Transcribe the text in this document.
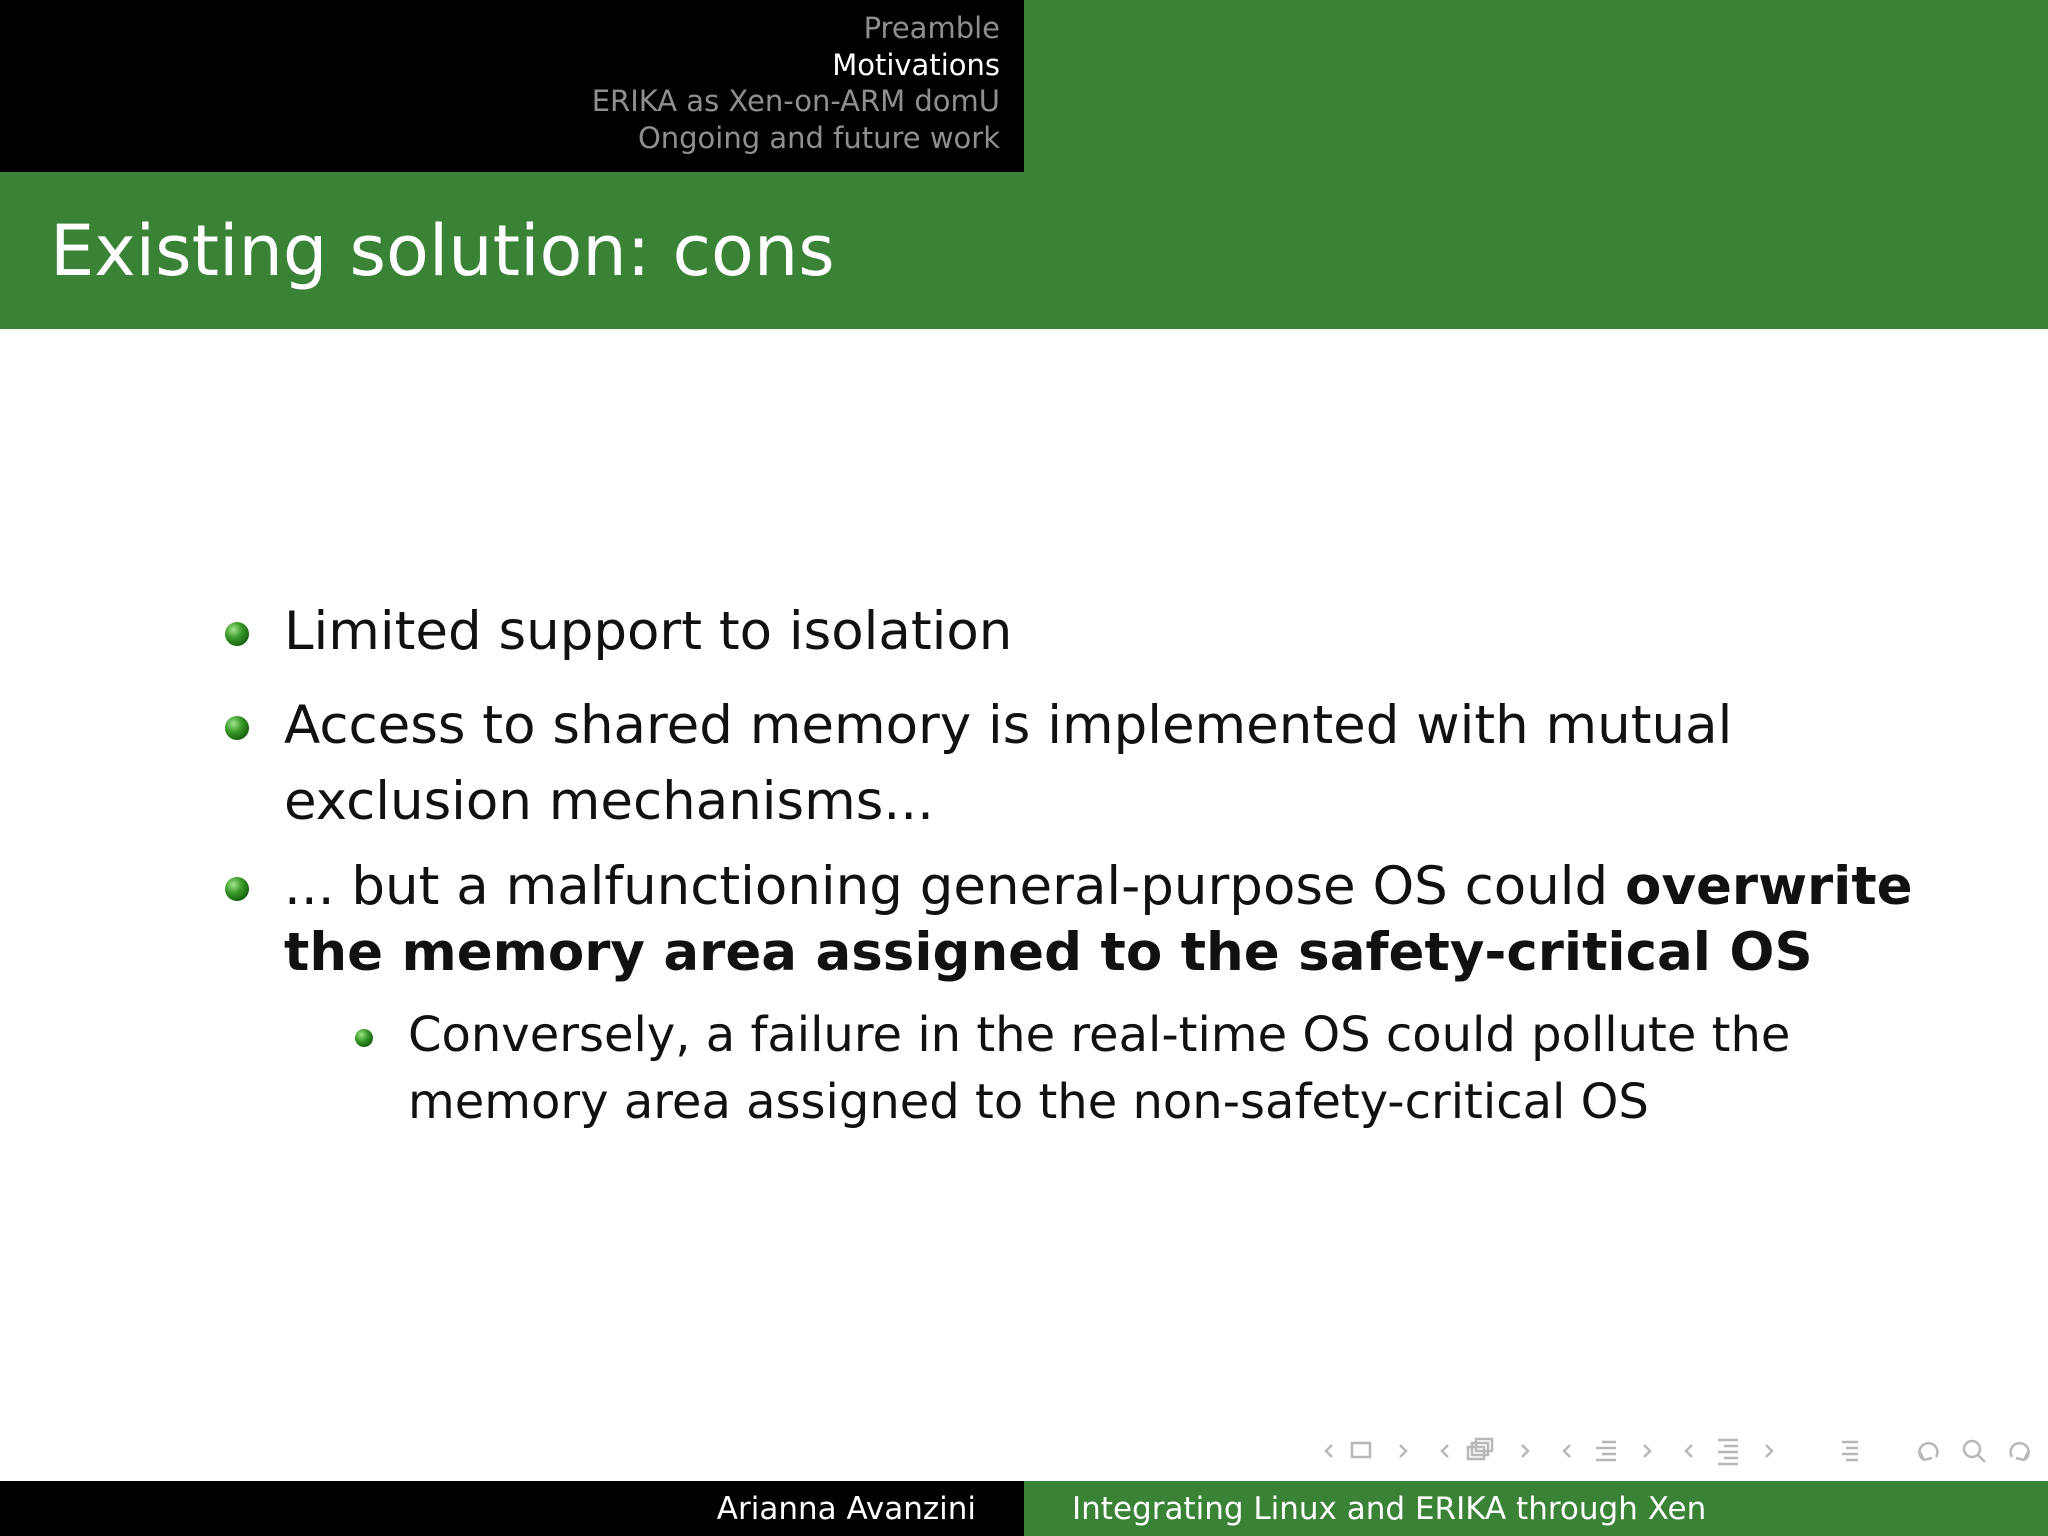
Preamble
Motivations
ERIKA as Xen-on-ARM domU
Ongoing and future work
Existing solution: cons
Limited support to isolation
Access to shared memory is implemented with mutual
exclusion mechanisms...
... but a malfunctioning general-purpose OS could overwrite
the memory area assigned to the safety-critical OS
Conversely, a failure in the real-time OS could pollute the
memory area assigned to the non-safety-critical OS
Arianna Avanzini	Integrating Linux and ERIKA through Xen
